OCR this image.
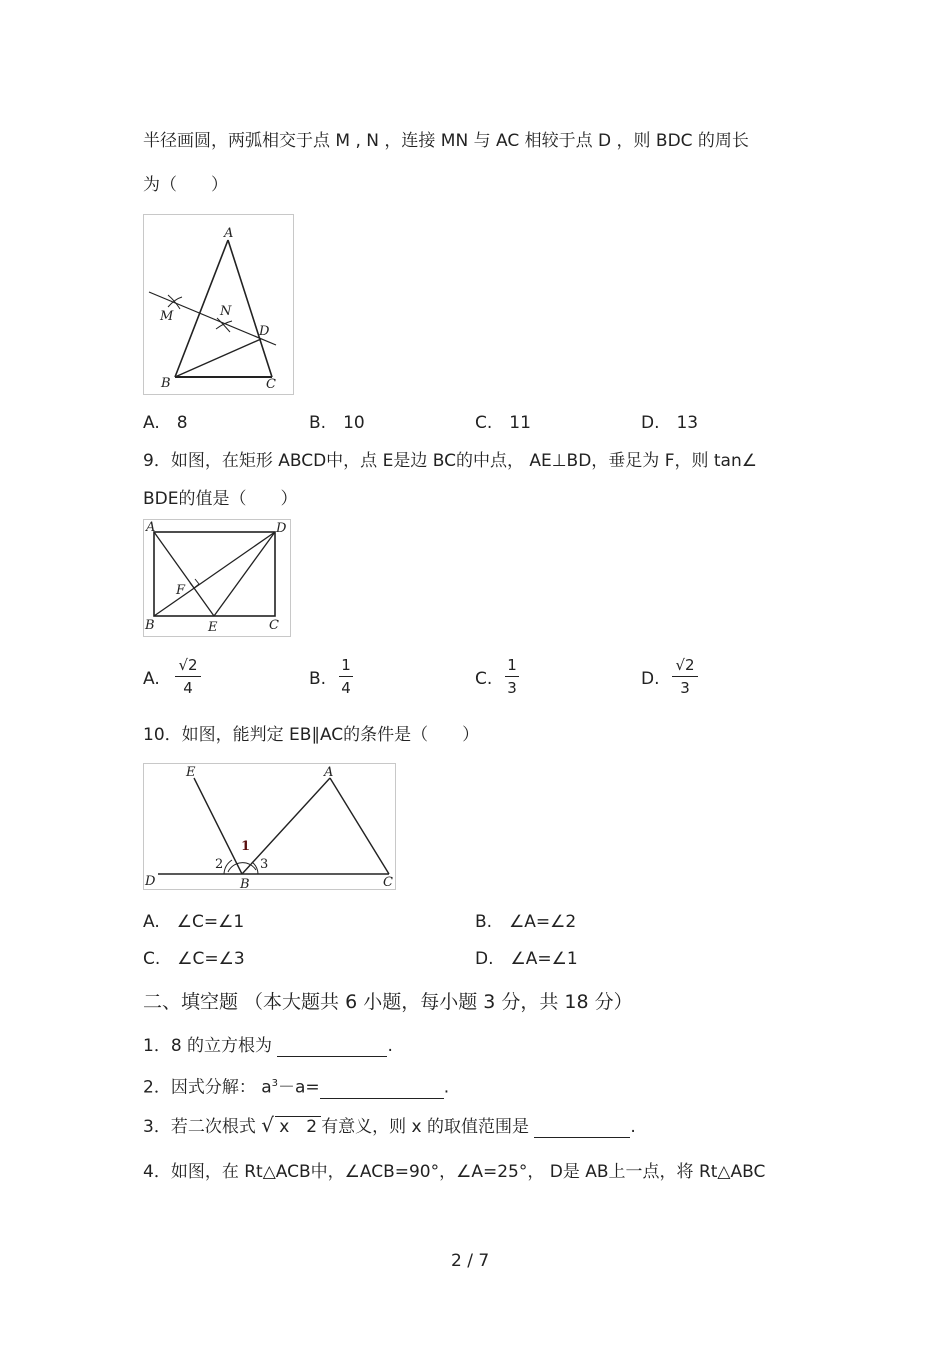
半径画圆，两弧相交于点 M , N ，连接 MN 与 AC 相较于点 D ，则 BDC 的周长
为（　　）
A
M	N
D
B	C
A.　8	B.　10	C.　11	D.　13
9．如图，在矩形 ABCD中，点 E是边 BC的中点， AE⊥BD，垂足为 F，则 tan∠
BDE的值是（　　）
A	D
F
B	E	C
A.
√2
4	B.
1
4	C.
1
3	D.
√2
3
10．如图，能判定 EB∥AC的条件是（　　）
E	A
1
2	3
D	B	C
A.　∠C=∠1	B.　∠A=∠2
C.　∠C=∠3	D.　∠A=∠1
二、填空题 （本大题共 6 小题，每小题 3 分，共 18 分）
1．8 的立方根为	.
2．因式分解： $a^3-a=$	.
3．若二次根式 √ x　2 有意义，则 x 的取值范围是	.
4．如图，在 Rt△ACB中，∠ACB=90°，∠A=25°， D是 AB上一点，将 Rt△ABC
2 / 7
